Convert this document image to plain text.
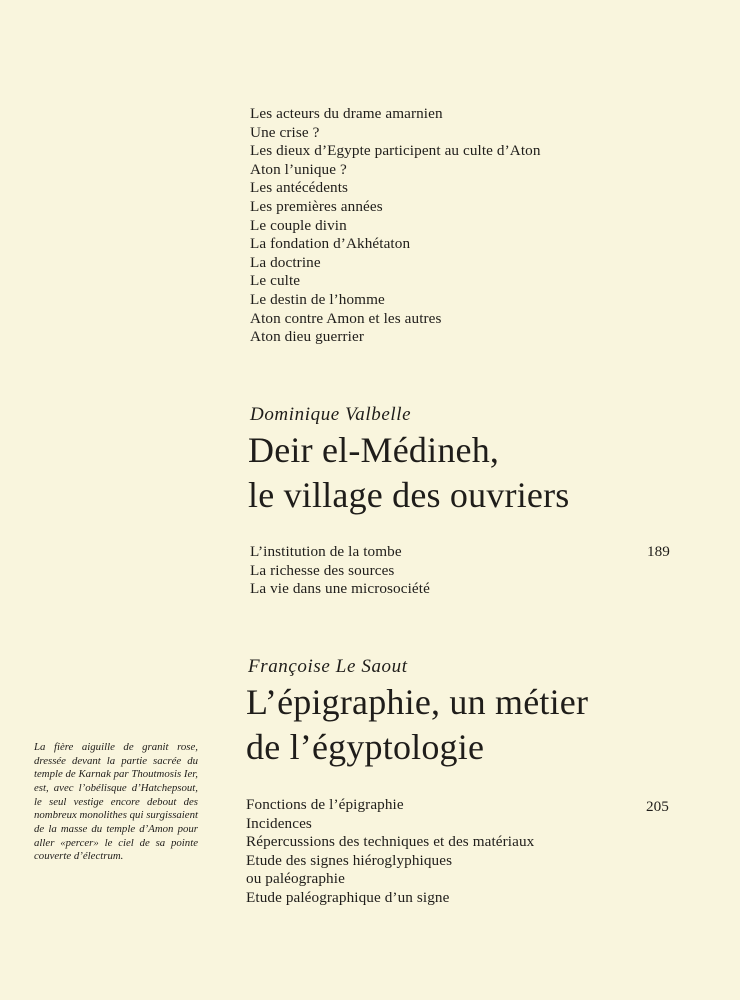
Les acteurs du drame amarnien
Une crise ?
Les dieux d’Egypte participent au culte d’Aton
Aton l’unique ?
Les antécédents
Les premières années
Le couple divin
La fondation d’Akhétaton
La doctrine
Le culte
Le destin de l’homme
Aton contre Amon et les autres
Aton dieu guerrier
Dominique Valbelle
Deir el-Médineh,
le village des ouvriers
L’institution de la tombe
La richesse des sources
La vie dans une microsociété
189
Françoise Le Saout
L’épigraphie, un métier
de l’égyptologie
Fonctions de l’épigraphie
Incidences
Répercussions des techniques et des matériaux
Etude des signes hiéroglyphiques
ou paléographie
Etude paléographique d’un signe
205
La fière aiguille de granit rose, dressée devant la partie sacrée du temple de Karnak par Thoutmosis Ier, est, avec l’obélisque d’Hatchepsout, le seul vestige encore debout des nombreux monolithes qui surgissaient de la masse du temple d’Amon pour aller «percer» le ciel de sa pointe couverte d’électrum.
